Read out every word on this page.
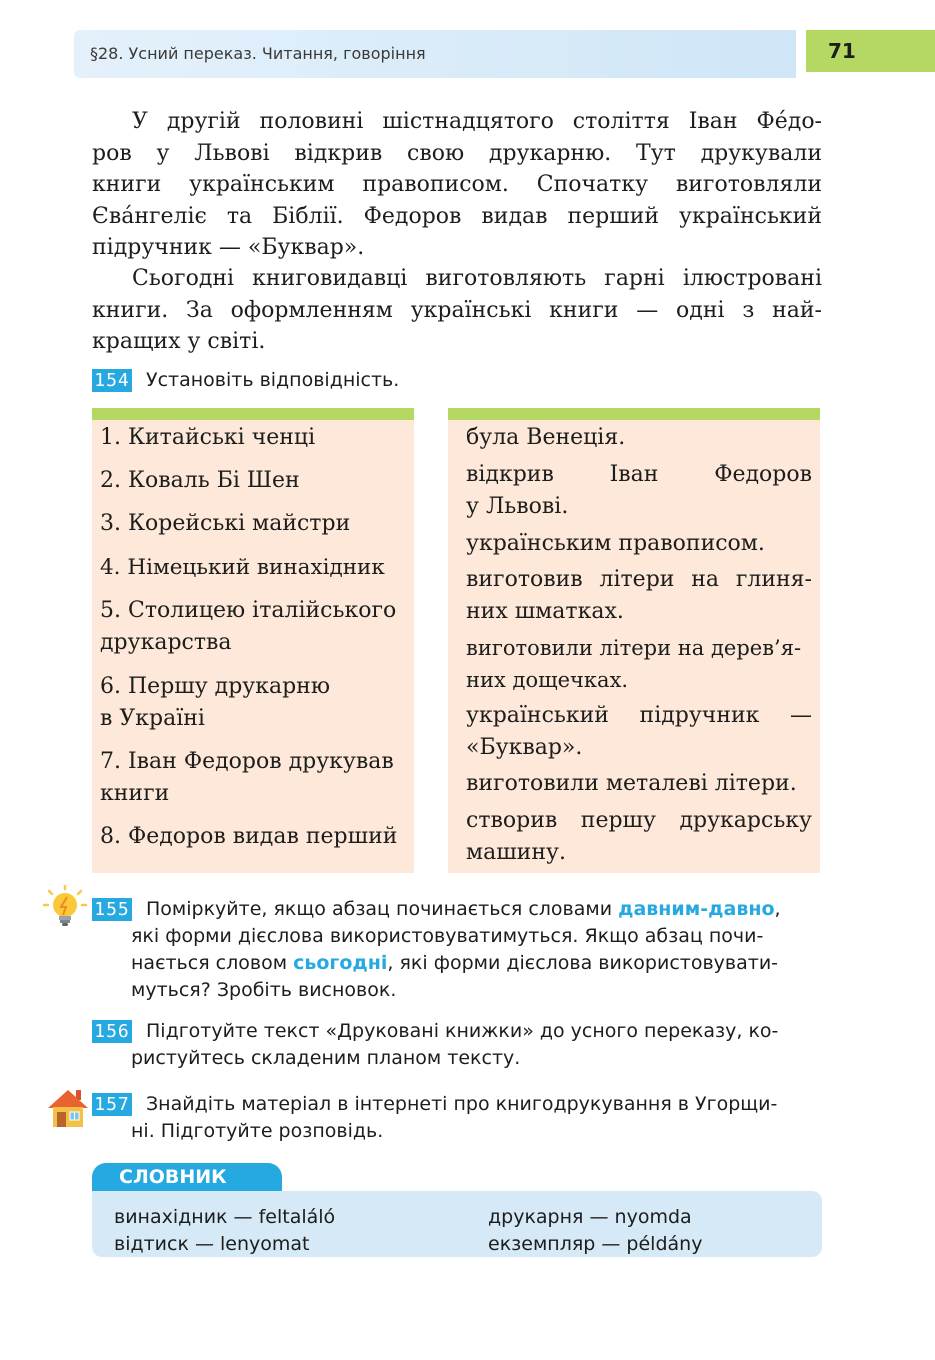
§28. Усний переказ. Читання, говоріння	71
У другій половині шістнадцятого століття Іван Фе́до-
ров у Львові відкрив свою друкарню. Тут друкували
книги українським правописом. Спочатку виготовляли
Єва́нгеліє та Біблії. Федоров видав перший український
підручник — «Буквар».
Сьогодні книговидавці виготовляють гарні ілюстровані
книги. За оформленням українські книги — одні з най-
кращих у світі.
154 Установіть відповідність.
1. Китайські ченці
2. Коваль Бі Шен
3. Корейські майстри
4. Німецький винахідник
5. Столицею італійського
друкарства
6. Першу друкарню
в Україні
7. Іван Федоров друкував
книги
8. Федоров видав перший
була Венеція.
відкрив Іван Федоров
у Львові.
українським правописом.
виготовив літери на глиня-
них шматках.
виготовили літери на дерев’я-
них дощечках.
український підручник —
«Буквар».
виготовили металеві літери.
створив першу друкарську
машину.
155 Поміркуйте, якщо абзац починається словами давним-давно,
які форми дієслова використовуватимуться. Якщо абзац почи-
нається словом сьогодні, які форми дієслова використовувати-
муться? Зробіть висновок.
156 Підготуйте текст «Друковані книжки» до усного переказу, ко-
ристуйтесь складеним планом тексту.
157 Знайдіть матеріал в інтернеті про книгодрукування в Угорщи-
ні. Підготуйте розповідь.
СЛОВНИК
винахідник — feltaláló
відтиск — lenyomat
друкарня — nyomda
екземпляр — példány
